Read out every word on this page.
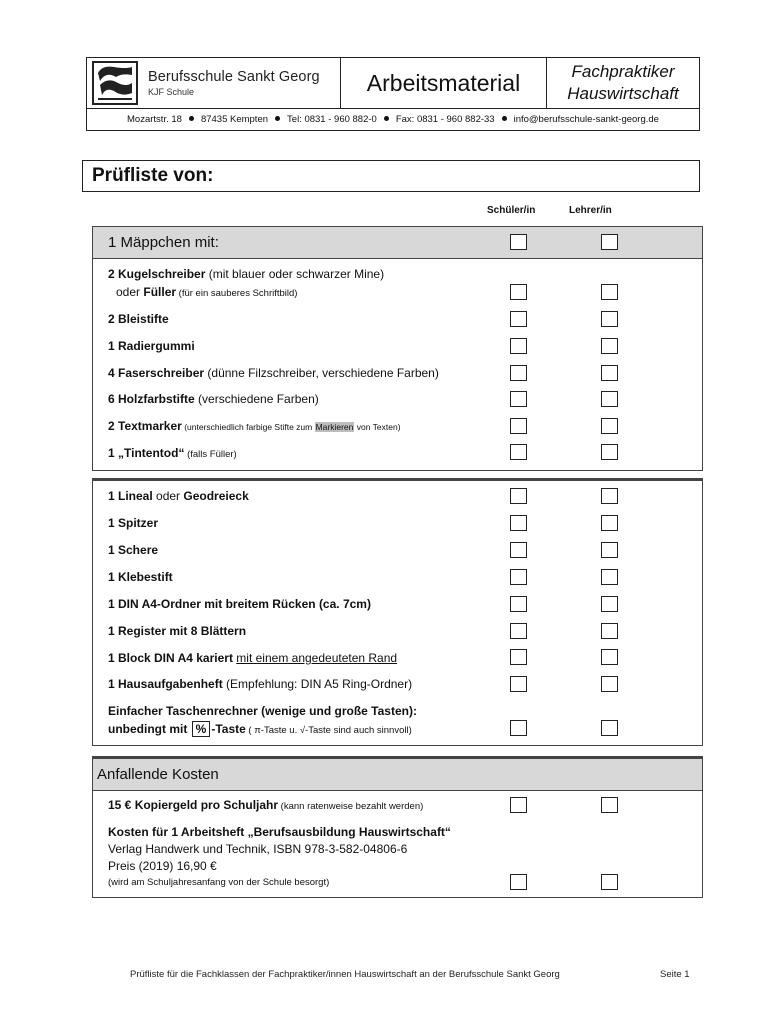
Berufsschule Sankt Georg
KJF Schule	Arbeitsmaterial	Fachpraktiker
Hauswirtschaft
Mozartstr. 18 87435 Kempten Tel: 0831 - 960 882-0 Fax: 0831 - 960 882-33 info@berufsschule-sankt-georg.de
Prüfliste von:
Schüler/in	Lehrer/in
1 Mäppchen mit:
2 Kugelschreiber (mit blauer oder schwarzer Mine)
oder Füller (für ein sauberes Schriftbild)
2 Bleistifte
1 Radiergummi
4 Faserschreiber (dünne Filzschreiber, verschiedene Farben)
6 Holzfarbstifte (verschiedene Farben)
2 Textmarker (unterschiedlich farbige Stifte zum Markieren von Texten)
1 „Tintentod“ (falls Füller)
1 Lineal oder Geodreieck
1 Spitzer
1 Schere
1 Klebestift
1 DIN A4-Ordner mit breitem Rücken (ca. 7cm)
1 Register mit 8 Blättern
1 Block DIN A4 kariert mit einem angedeuteten Rand
1 Hausaufgabenheft (Empfehlung: DIN A5 Ring-Ordner)
Einfacher Taschenrechner (wenige und große Tasten):
unbedingt mit % -Taste ( π-Taste u. √-Taste sind auch sinnvoll)
Anfallende Kosten
15 € Kopiergeld pro Schuljahr (kann ratenweise bezahlt werden)
Kosten für 1 Arbeitsheft „Berufsausbildung Hauswirtschaft“
Verlag Handwerk und Technik, ISBN 978-3-582-04806-6
Preis (2019) 16,90 €
(wird am Schuljahresanfang von der Schule besorgt)
Prüfliste für die Fachklassen der Fachpraktiker/innen Hauswirtschaft an der Berufsschule Sankt Georg	Seite 1
